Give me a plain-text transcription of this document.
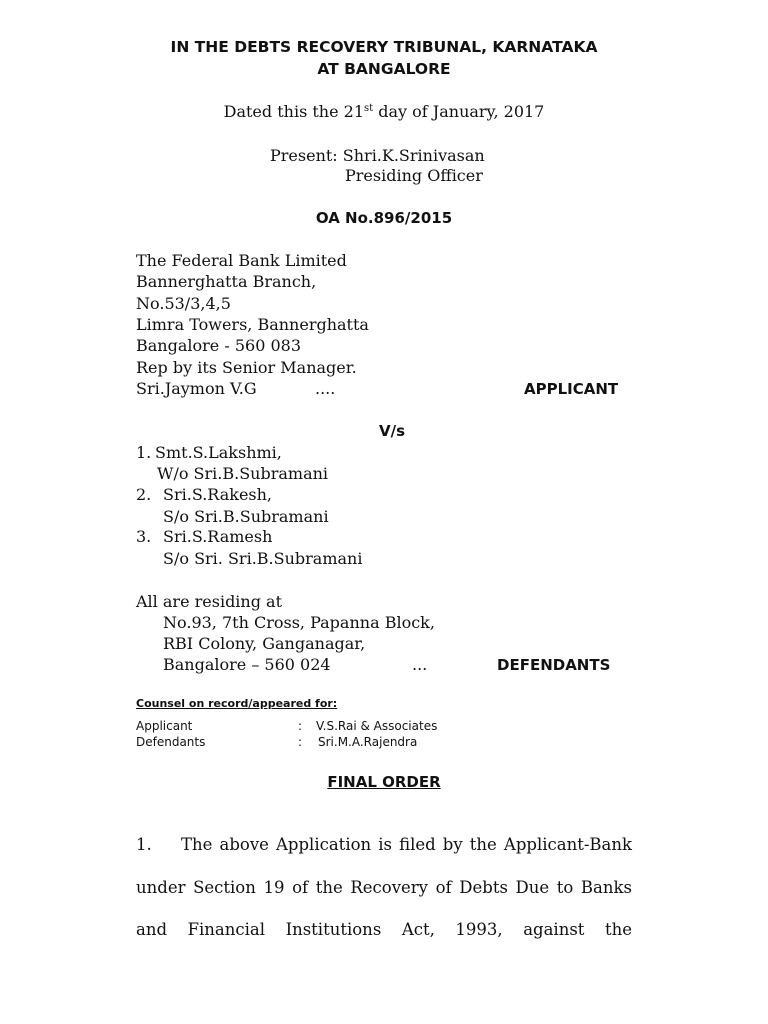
IN THE DEBTS RECOVERY TRIBUNAL, KARNATAKA
AT BANGALORE
Dated this the 21st day of January, 2017
Present: Shri.K.Srinivasan
Presiding Officer
OA No.896/2015
The Federal Bank Limited
Bannerghatta Branch,
No.53/3,4,5
Limra Towers, Bannerghatta
Bangalore - 560 083
Rep by its Senior Manager.
Sri.Jaymon V.G	....	APPLICANT
V/s
1. Smt.S.Lakshmi,
W/o Sri.B.Subramani
2. Sri.S.Rakesh,
S/o Sri.B.Subramani
3. Sri.S.Ramesh
S/o Sri. Sri.B.Subramani
All are residing at
No.93, 7th Cross, Papanna Block,
RBI Colony, Ganganagar,
Bangalore – 560 024	...	DEFENDANTS
Counsel on record/appeared for:
Applicant	: V.S.Rai & Associates
Defendants	: Sri.M.A.Rajendra
FINAL ORDER
1. The above Application is filed by the Applicant-Bank
under Section 19 of the Recovery of Debts Due to Banks
and Financial Institutions Act, 1993, against the
